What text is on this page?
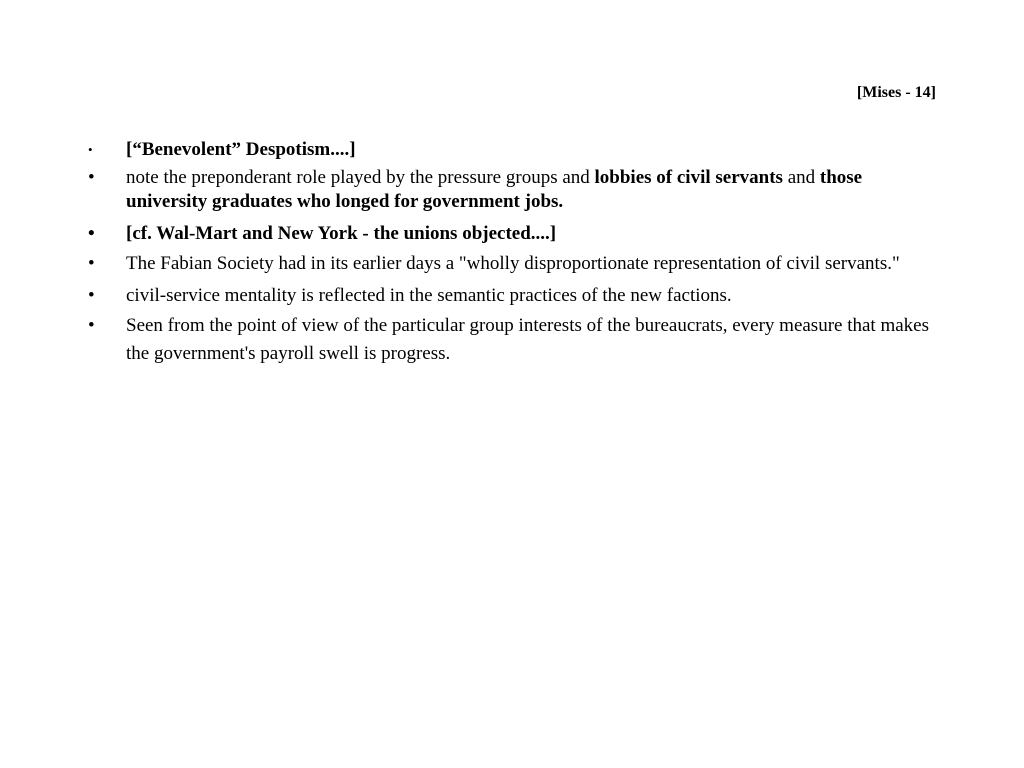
[Mises - 14]
•	[“Benevolent” Despotism....]
•	note the preponderant role played by the pressure groups and lobbies of civil servants and those university graduates who longed for government jobs.
•	[cf. Wal-Mart and New York - the unions objected....]
•	The Fabian Society had in its earlier days a "wholly disproportionate representation of civil servants."
•	civil-service mentality is reflected in the semantic practices of the new factions.
•	Seen from the point of view of the particular group interests of the bureaucrats, every measure that makes the government's payroll swell is progress.
